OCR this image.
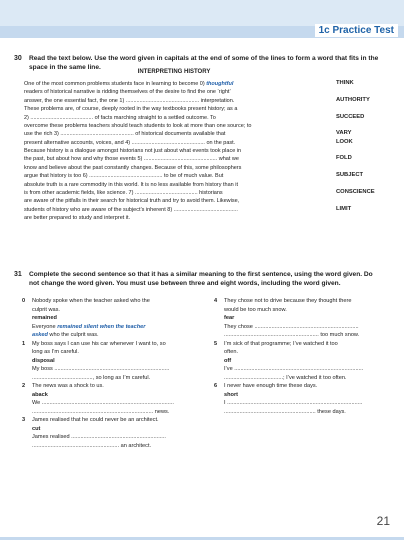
1c Practice Test
30 Read the text below. Use the word given in capitals at the end of some of the lines to form a word that fits in the space in the same line.
INTERPRETING HISTORY
One of the most common problems students face in learning to become 0) thoughtful
readers of historical narrative is ridding themselves of the desire to find the one ‘right’
answer, the one essential fact, the one 1) ................................................ interpretation.
These problems are, of course, deeply rooted in the way textbooks present history; as a
2) ......................................... of facts marching straight to a settled outcome. To
overcome these problems teachers should teach students to look at more than one source; to
use the rich 3) ................................................ of historical documents available that
present alternative accounts, voices, and 4) ................................................ on the past.
Because history is a dialogue amongst historians not just about what events took place in
the past, but about how and why those events 5) ................................................ what we
know and believe about the past constantly changes. Because of this, some philosophers
argue that history is too 6) ................................................ to be of much value. But
absolute truth is a rare commodity in this world. It is no less available from history than it
is from other academic fields, like science. 7) ......................................... historians
are aware of the pitfalls in their search for historical truth and try to avoid them. Likewise,
students of history who are aware of the subject’s inherent 8) ..........................................
are better prepared to study and interpret it.
THINK
AUTHORITY
SUCCEED
VARY
LOOK
FOLD
SUBJECT
CONSCIENCE
LIMIT
31 Complete the second sentence so that it has a similar meaning to the first sentence, using the word given. Do not change the word given. You must use between three and eight words, including the word given.
0 Nobody spoke when the teacher asked who the
culprit was.
remained
Everyone remained silent when the teacher
asked who the culprit was.
1 My boss says I can use his car whenever I want to, so
long as I’m careful.
disposal
My boss ..........................................................................
......................................., so long as I’m careful.
2 The news was a shock to us.
aback
We .....................................................................................
.............................................................................. news.
3 James realised that he could never be an architect.
cut
James realised .............................................................
........................................................ an architect.
4 They chose not to drive because they thought there
would be too much snow.
fear
They chose ...................................................................
............................................................. too much snow.
5 I’m sick of that programme; I’ve watched it too
often.
off
I’ve ...................................................................................
......................................; I’ve watched it too often.
6 I never have enough time these days.
short
I .......................................................................................
........................................................... these days.
21
